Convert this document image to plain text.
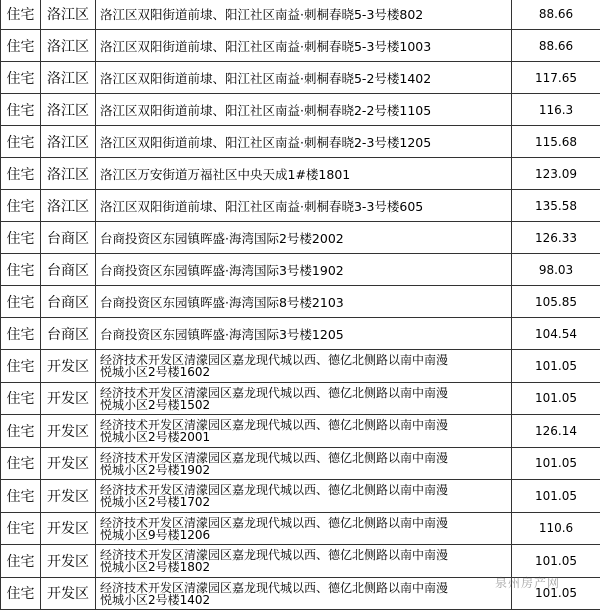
住宅	洛江区	洛江区双阳街道前埭、阳江社区南益·刺桐春晓5-3号楼802	88.66
住宅	洛江区	洛江区双阳街道前埭、阳江社区南益·刺桐春晓5-3号楼1003	88.66
住宅	洛江区	洛江区双阳街道前埭、阳江社区南益·刺桐春晓5-2号楼1402	117.65
住宅	洛江区	洛江区双阳街道前埭、阳江社区南益·刺桐春晓2-2号楼1105	116.3
住宅	洛江区	洛江区双阳街道前埭、阳江社区南益·刺桐春晓2-3号楼1205	115.68
住宅	洛江区	洛江区万安街道万福社区中央天成1#楼1801	123.09
住宅	洛江区	洛江区双阳街道前埭、阳江社区南益·刺桐春晓3-3号楼605	135.58
住宅	台商区	台商投资区东园镇晖盛·海湾国际2号楼2002	126.33
住宅	台商区	台商投资区东园镇晖盛·海湾国际3号楼1902	98.03
住宅	台商区	台商投资区东园镇晖盛·海湾国际8号楼2103	105.85
住宅	台商区	台商投资区东园镇晖盛·海湾国际3号楼1205	104.54
住宅	开发区	经济技术开发区清濛园区嘉龙现代城以西、德亿北侧路以南中南漫
悦城小区2号楼1602	101.05
住宅	开发区	经济技术开发区清濛园区嘉龙现代城以西、德亿北侧路以南中南漫
悦城小区2号楼1502	101.05
住宅	开发区	经济技术开发区清濛园区嘉龙现代城以西、德亿北侧路以南中南漫
悦城小区2号楼2001	126.14
住宅	开发区	经济技术开发区清濛园区嘉龙现代城以西、德亿北侧路以南中南漫
悦城小区2号楼1902	101.05
住宅	开发区	经济技术开发区清濛园区嘉龙现代城以西、德亿北侧路以南中南漫
悦城小区2号楼1702	101.05
住宅	开发区	经济技术开发区清濛园区嘉龙现代城以西、德亿北侧路以南中南漫
悦城小区9号楼1206	110.6
住宅	开发区	经济技术开发区清濛园区嘉龙现代城以西、德亿北侧路以南中南漫
悦城小区2号楼1802	101.05
住宅	开发区	经济技术开发区清濛园区嘉龙现代城以西、德亿北侧路以南中南漫
悦城小区2号楼1402	101.05
泉州房产网
